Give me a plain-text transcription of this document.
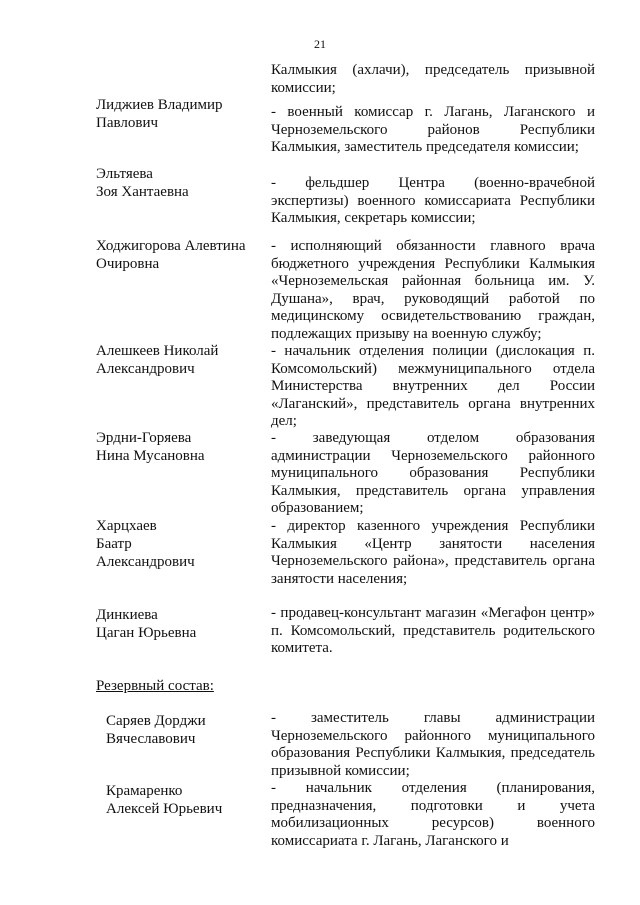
21
Калмыкия (ахлачи), председатель призывной комиссии;
Лиджиев Владимир
Павлович
- военный комиссар г. Лагань, Лаганского и Черноземельского районов Республики Калмыкия, заместитель председателя комиссии;
Эльтяева
Зоя Хантаевна
- фельдшер Центра (военно-врачебной экспертизы) военного комиссариата Республики Калмыкия, секретарь комиссии;
Ходжигорова Алевтина
Очировна
- исполняющий обязанности главного врача бюджетного учреждения Республики Калмыкия «Черноземельская районная больница им. У. Душана», врач, руководящий работой по медицинскому освидетельствованию граждан, подлежащих призыву на военную службу;
Алешкеев Николай
Александрович
- начальник отделения полиции (дислокация п. Комсомольский) межмуниципального отдела Министерства внутренних дел России «Лаганский», представитель органа внутренних дел;
Эрдни-Горяева
Нина Мусановна
- заведующая отделом образования администрации Черноземельского районного муниципального образования Республики Калмыкия, представитель органа управления образованием;
Харцхаев
Баатр
Александрович
- директор казенного учреждения Республики Калмыкия «Центр занятости населения Черноземельского района», представитель органа занятости населения;
Динкиева
Цаган Юрьевна
- продавец-консультант магазин «Мегафон центр» п. Комсомольский, представитель родительского комитета.
Резервный состав:
Саряев Дорджи
Вячеславович
- заместитель главы администрации Черноземельского районного муниципального образования Республики Калмыкия, председатель призывной комиссии;
Крамаренко
Алексей Юрьевич
- начальник отделения (планирования, предназначения, подготовки и учета мобилизационных ресурсов) военного комиссариата г. Лагань, Лаганского и
